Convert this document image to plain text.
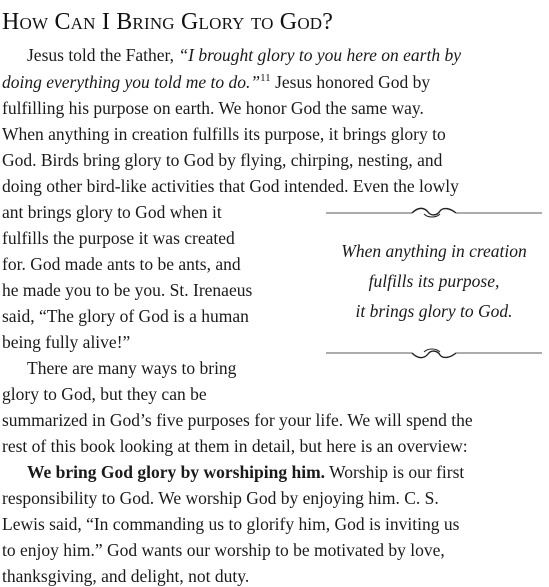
How Can I Bring Glory to God?
Jesus told the Father, “I brought glory to you here on earth by
doing everything you told me to do.”$^{11}$ Jesus honored God by
fulfilling his purpose on earth. We honor God the same way.
When anything in creation fulfills its purpose, it brings glory to
God. Birds bring glory to God by flying, chirping, nesting, and
doing other bird-like activities that God intended. Even the lowly
ant brings glory to God when it
fulfills the purpose it was created
for. God made ants to be ants, and
he made you to be you. St. Irenaeus
said, “The glory of God is a human
being fully alive!”
There are many ways to bring
glory to God, but they can be
summarized in God’s five purposes for your life. We will spend the
rest of this book looking at them in detail, but here is an overview:
We bring God glory by worshiping him. Worship is our first
responsibility to God. We worship God by enjoying him. C. S.
Lewis said, “In commanding us to glorify him, God is inviting us
to enjoy him.” God wants our worship to be motivated by love,
thanksgiving, and delight, not duty.
When anything in creation
fulfills its purpose,
it brings glory to God.
